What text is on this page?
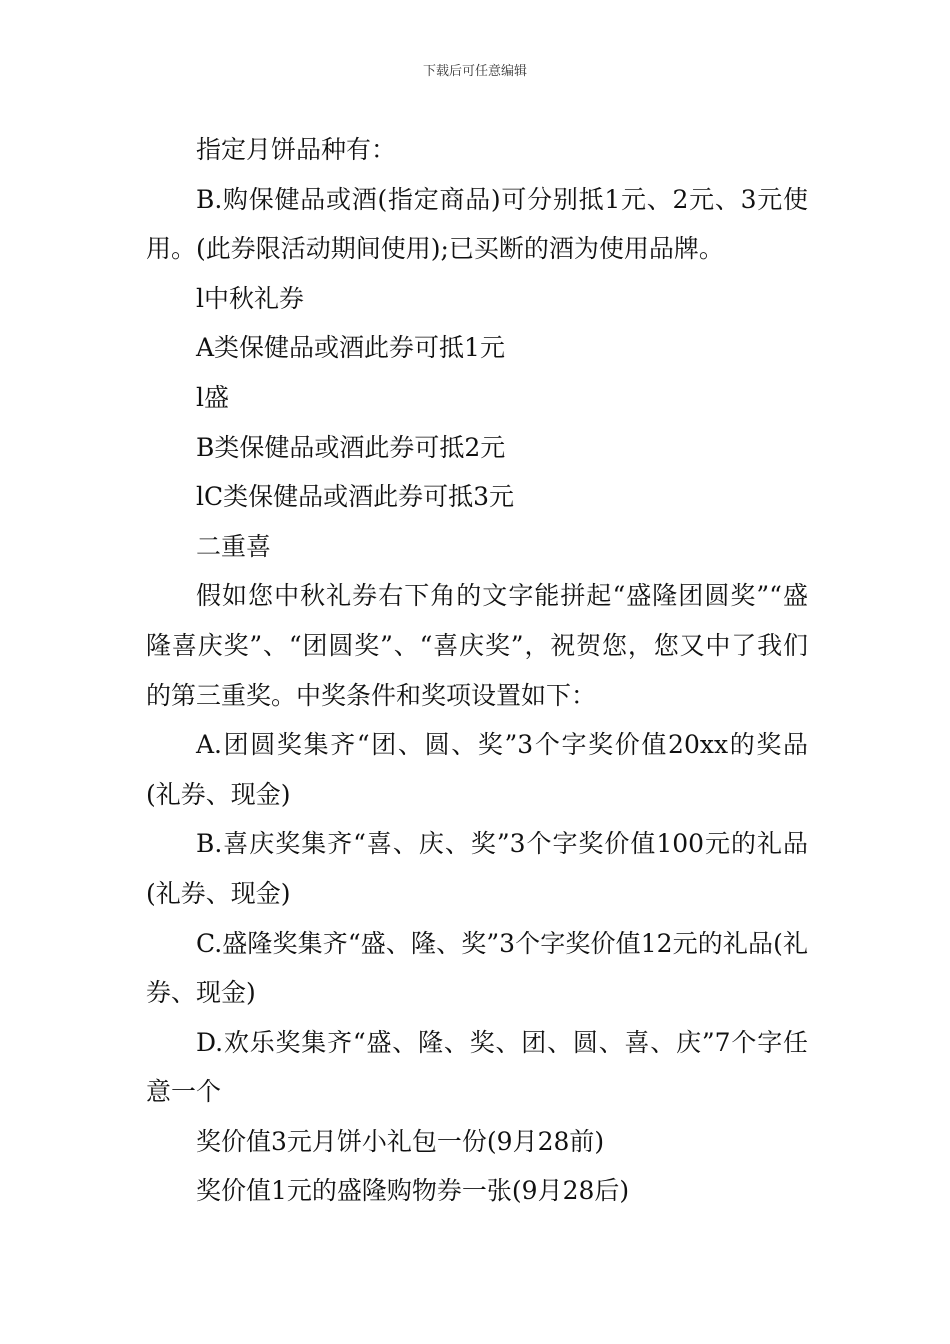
下载后可任意编辑

指定月饼品种有：

B.购保健品或酒(指定商品)可分别抵1元、2元、3元使用。(此券限活动期间使用);已买断的酒为使用品牌。

l中秋礼券

A类保健品或酒此券可抵1元

l盛

B类保健品或酒此券可抵2元

lC类保健品或酒此券可抵3元

二重喜

假如您中秋礼券右下角的文字能拼起“盛隆团圆奖”“盛隆喜庆奖”、“团圆奖”、“喜庆奖”，祝贺您，您又中了我们的第三重奖。中奖条件和奖项设置如下：

A.团圆奖集齐“团、圆、奖”3个字奖价值20xx的奖品(礼券、现金)

B.喜庆奖集齐“喜、庆、奖”3个字奖价值100元的礼品(礼券、现金)

C.盛隆奖集齐“盛、隆、奖”3个字奖价值12元的礼品(礼券、现金)

D.欢乐奖集齐“盛、隆、奖、团、圆、喜、庆”7个字任意一个

奖价值3元月饼小礼包一份(9月28前)

奖价值1元的盛隆购物券一张(9月28后)
